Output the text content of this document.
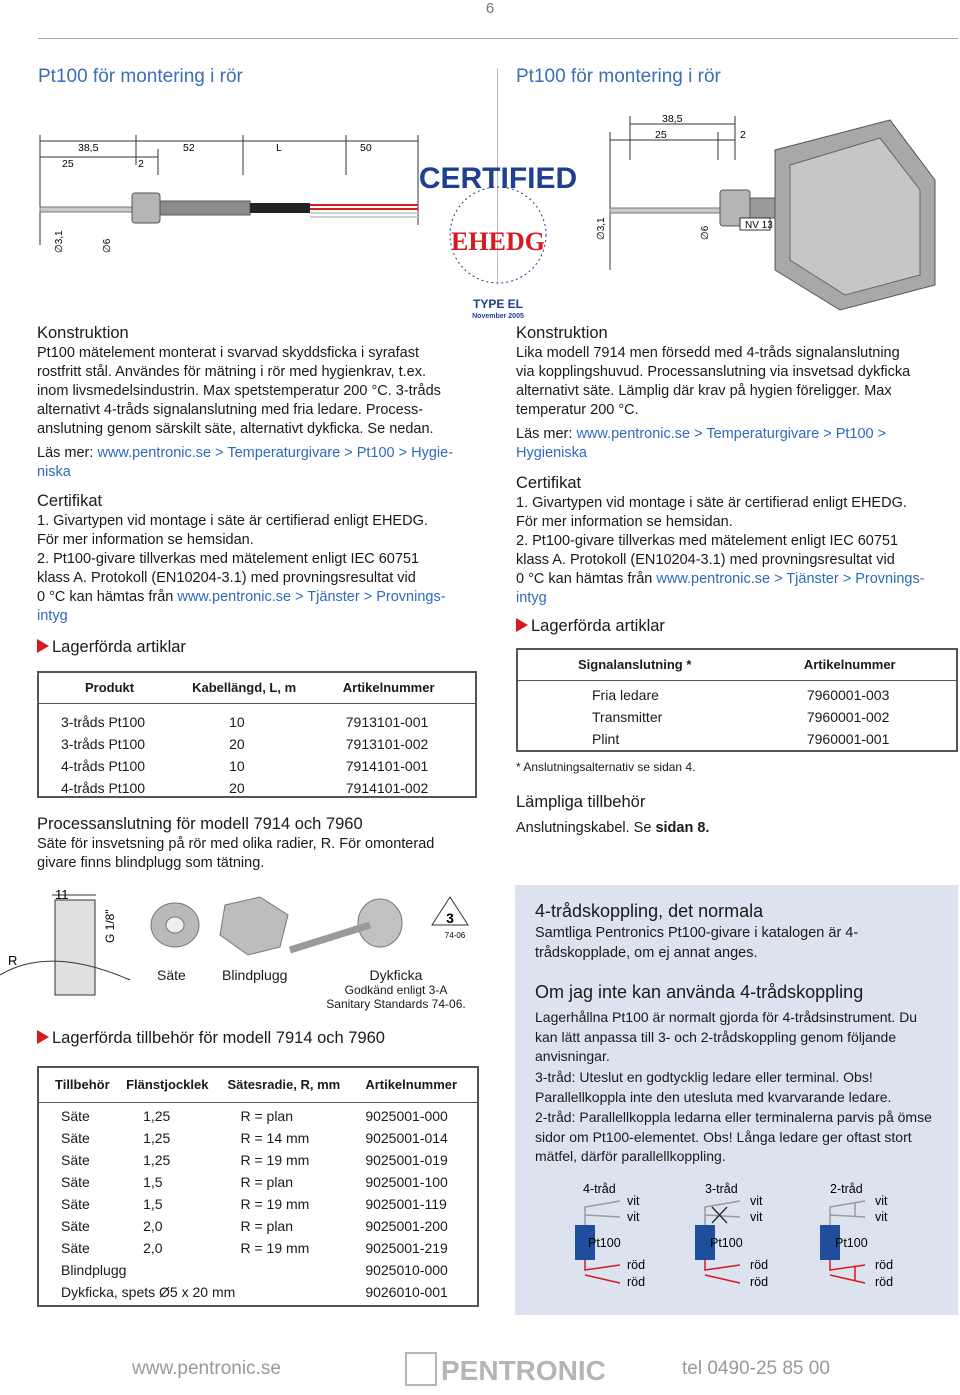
6
Pt100 för montering i rör	Pt100 för montering i rör
38,5
25	2
52	L	50
∅3,1	∅6
CERTIFIED
EHEDG
TYPE EL
November 2005
38,5
25	2
NV 13
∅3,1	∅6
Konstruktion
Pt100 mätelement monterat i svarvad skyddsficka i syrafast
rostfritt stål. Användes för mätning i rör med hygienkrav, t.ex.
inom livsmedelsindustrin. Max spetstemperatur 200 °C. 3-tråds
alternativt 4-tråds signalanslutning med fria ledare. Process-
anslutning genom särskilt säte, alternativt dykficka. Se nedan.
Läs mer: www.pentronic.se > Temperaturgivare > Pt100 > Hygie-
niska
Certifikat
1. Givartypen vid montage i säte är certifierad enligt EHEDG.
För mer information se hemsidan.
2. Pt100-givare tillverkas med mätelement enligt IEC 60751
klass A. Protokoll (EN10204-3.1) med provningsresultat vid
0 °C kan hämtas från www.pentronic.se > Tjänster > Provnings-
intyg
Lagerförda artiklar
Produkt	Kabellängd, L, m	Artikelnummer

3-tråds Pt100	10	7913101-001
3-tråds Pt100	20	7913101-002
4-tråds Pt100	10	7914101-001
4-tråds Pt100	20	7914101-002
Processanslutning för modell 7914 och 7960
Säte för insvetsning på rör med olika radier, R. För omonterad
givare finns blindplugg som tätning.
Konstruktion
Lika modell 7914 men försedd med 4-tråds signalanslutning
via kopplingshuvud. Processanslutning via insvetsad dykficka
alternativt säte. Lämplig där krav på hygien föreligger. Max
temperatur 200 °C.
Läs mer: www.pentronic.se > Temperaturgivare > Pt100 >
Hygieniska
Certifikat
1. Givartypen vid montage i säte är certifierad enligt EHEDG.
För mer information se hemsidan.
2. Pt100-givare tillverkas med mätelement enligt IEC 60751
klass A. Protokoll (EN10204-3.1) med provningsresultat vid
0 °C kan hämtas från www.pentronic.se > Tjänster > Provnings-
intyg
Lagerförda artiklar
Signalanslutning *	Artikelnummer

Fria ledare	7960001-003
Transmitter	7960001-002
Plint	7960001-001
* Anslutningsalternativ se sidan 4.
Lämpliga tillbehör
Anslutningskabel. Se sidan 8.
11
G 1/8"
R
3
74-06
Säte	Blindplugg	Dykficka
Godkänd enligt 3-A
Sanitary Standards 74-06.
Lagerförda tillbehör för modell 7914 och 7960
Tillbehör	Flänstjocklek	Sätesradie, R, mm	Artikelnummer

Säte	1,25	R = plan	9025001-000
Säte	1,25	R = 14 mm	9025001-014
Säte	1,25	R = 19 mm	9025001-019
Säte	1,5	R = plan	9025001-100
Säte	1,5	R = 19 mm	9025001-119
Säte	2,0	R = plan	9025001-200
Säte	2,0	R = 19 mm	9025001-219
Blindplugg			9025010-000
Dykficka, spets Ø5 x 20 mm			9026010-001
4-trådskoppling, det normala
Samtliga Pentronics Pt100-givare i katalogen är 4-trådskopplade, om ej annat anges.
Om jag inte kan använda 4-trådskoppling
Lagerhållna Pt100 är normalt gjorda för 4-trådsinstrument. Du kan lätt anpassa till 3- och 2-trådskoppling genom följande anvisningar.
3-tråd: Uteslut en godtycklig ledare eller terminal. Obs! Parallellkoppla inte den utesluta med kvarvarande ledare.
2-tråd: Parallellkoppla ledarna eller terminalerna parvis på ömse sidor om Pt100-elementet. Obs! Långa ledare ger oftast stort mätfel, därför parallellkoppling.
4-tråd
Pt100
vit
vit
röd
röd
3-tråd
Pt100
vit
vit
röd
röd
2-tråd
Pt100
vit
vit
röd
röd
www.pentronic.se	PENTRONIC	tel 0490-25 85 00
